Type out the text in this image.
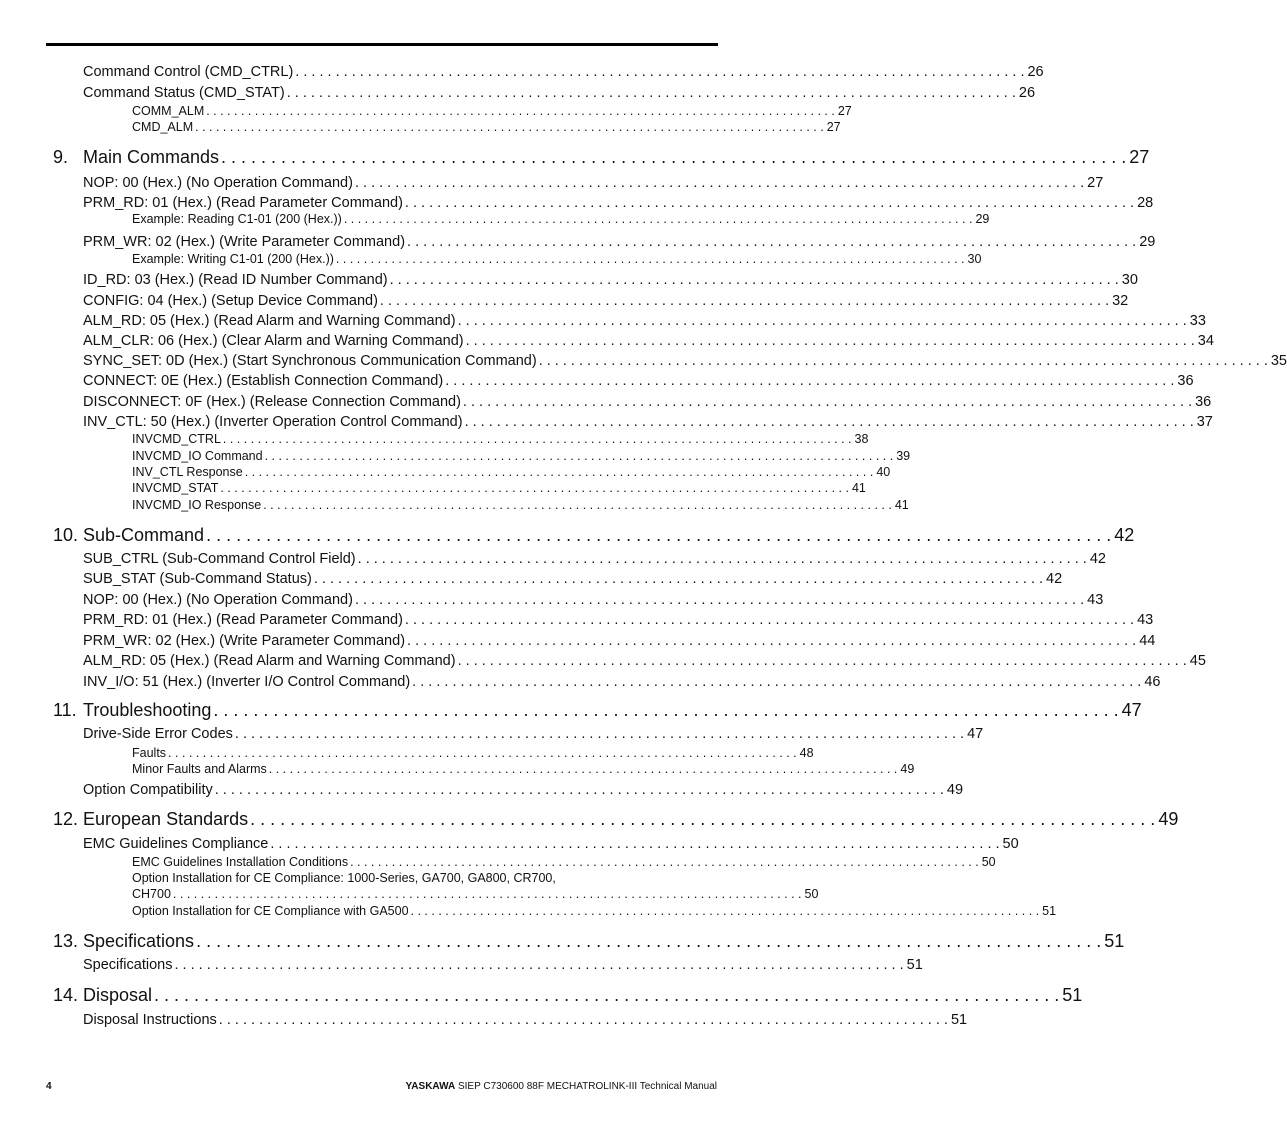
Command Control (CMD_CTRL) . . . . . . . . . . . . . . . . . . . . . . . . . . . . . . . . . . . . . . . . . . . . . . . . . . . . . . . . . . . . . . . . . . . . . . . . . . . . . . . . . . . . . . . . . . . 26
Command Status (CMD_STAT) . . . . . . . . . . . . . . . . . . . . . . . . . . . . . . . . . . . . . . . . . . . . . . . . . . . . . . . . . . . . . . . . . . . . . . . . . . . . . . . . . . . . . . . . . . . 26
COMM_ALM . . . . . . . . . . . . . . . . . . . . . . . . . . . . . . . . . . . . . . . . . . . . . . . . . . . . . . . . . . . . . . . . . . . . . . . . . . . . . . . . . . . . . . . . . . . 27
CMD_ALM . . . . . . . . . . . . . . . . . . . . . . . . . . . . . . . . . . . . . . . . . . . . . . . . . . . . . . . . . . . . . . . . . . . . . . . . . . . . . . . . . . . . . . . . . . . 27
9. Main Commands . . . . . . . . . . . . . . . . . . . . . . . . . . . . . . . . . . . . . . . . . . . . . . . . . . . . . . . . . . . . . . . . . . . . . . . . . . . . . . . . . . . . . . . . . . . 27
NOP: 00 (Hex.) (No Operation Command) . . . . . . . . . . . . . . . . . . . . . . . . . . . . . . . . . . . . . . . . . . . . . . . . . . . . . . . . . . . . . . . . . . . . . . . . . . . . . . . . . . . . . . . . . . . 27
PRM_RD: 01 (Hex.) (Read Parameter Command) . . . . . . . . . . . . . . . . . . . . . . . . . . . . . . . . . . . . . . . . . . . . . . . . . . . . . . . . . . . . . . . . . . . . . . . . . . . . . . . . . . . . . . . . . . . 28
Example: Reading C1-01 (200 (Hex.)) . . . . . . . . . . . . . . . . . . . . . . . . . . . . . . . . . . . . . . . . . . . . . . . . . . . . . . . . . . . . . . . . . . . . . . . . . . . . . . . . . . . . . . . . . . . 29
PRM_WR: 02 (Hex.) (Write Parameter Command) . . . . . . . . . . . . . . . . . . . . . . . . . . . . . . . . . . . . . . . . . . . . . . . . . . . . . . . . . . . . . . . . . . . . . . . . . . . . . . . . . . . . . . . . . . . 29
Example: Writing C1-01 (200 (Hex.)) . . . . . . . . . . . . . . . . . . . . . . . . . . . . . . . . . . . . . . . . . . . . . . . . . . . . . . . . . . . . . . . . . . . . . . . . . . . . . . . . . . . . . . . . . . . 30
ID_RD: 03 (Hex.) (Read ID Number Command) . . . . . . . . . . . . . . . . . . . . . . . . . . . . . . . . . . . . . . . . . . . . . . . . . . . . . . . . . . . . . . . . . . . . . . . . . . . . . . . . . . . . . . . . . . . 30
CONFIG: 04 (Hex.) (Setup Device Command) . . . . . . . . . . . . . . . . . . . . . . . . . . . . . . . . . . . . . . . . . . . . . . . . . . . . . . . . . . . . . . . . . . . . . . . . . . . . . . . . . . . . . . . . . . . 32
ALM_RD: 05 (Hex.) (Read Alarm and Warning Command) . . . . . . . . . . . . . . . . . . . . . . . . . . . . . . . . . . . . . . . . . . . . . . . . . . . . . . . . . . . . . . . . . . . . . . . . . . . . . . . . . . . . . . . . . . . 33
ALM_CLR: 06 (Hex.) (Clear Alarm and Warning Command) . . . . . . . . . . . . . . . . . . . . . . . . . . . . . . . . . . . . . . . . . . . . . . . . . . . . . . . . . . . . . . . . . . . . . . . . . . . . . . . . . . . . . . . . . . . 34
SYNC_SET: 0D (Hex.) (Start Synchronous Communication Command) . . . . . . . . . . . . . . . . . . . . . . . . . . . . . . . . . . . . . . . . . . . . . . . . . . . . . . . . . . . . . . . . . . . . . . . . . . . . . . . . . . . . . . . . . . . 35
CONNECT: 0E (Hex.) (Establish Connection Command) . . . . . . . . . . . . . . . . . . . . . . . . . . . . . . . . . . . . . . . . . . . . . . . . . . . . . . . . . . . . . . . . . . . . . . . . . . . . . . . . . . . . . . . . . . . 36
DISCONNECT: 0F (Hex.) (Release Connection Command) . . . . . . . . . . . . . . . . . . . . . . . . . . . . . . . . . . . . . . . . . . . . . . . . . . . . . . . . . . . . . . . . . . . . . . . . . . . . . . . . . . . . . . . . . . . 36
INV_CTL: 50 (Hex.) (Inverter Operation Control Command) . . . . . . . . . . . . . . . . . . . . . . . . . . . . . . . . . . . . . . . . . . . . . . . . . . . . . . . . . . . . . . . . . . . . . . . . . . . . . . . . . . . . . . . . . . . 37
INVCMD_CTRL . . . . . . . . . . . . . . . . . . . . . . . . . . . . . . . . . . . . . . . . . . . . . . . . . . . . . . . . . . . . . . . . . . . . . . . . . . . . . . . . . . . . . . . . . . . 38
INVCMD_IO Command . . . . . . . . . . . . . . . . . . . . . . . . . . . . . . . . . . . . . . . . . . . . . . . . . . . . . . . . . . . . . . . . . . . . . . . . . . . . . . . . . . . . . . . . . . . 39
INV_CTL Response . . . . . . . . . . . . . . . . . . . . . . . . . . . . . . . . . . . . . . . . . . . . . . . . . . . . . . . . . . . . . . . . . . . . . . . . . . . . . . . . . . . . . . . . . . . 40
INVCMD_STAT . . . . . . . . . . . . . . . . . . . . . . . . . . . . . . . . . . . . . . . . . . . . . . . . . . . . . . . . . . . . . . . . . . . . . . . . . . . . . . . . . . . . . . . . . . . 41
INVCMD_IO Response . . . . . . . . . . . . . . . . . . . . . . . . . . . . . . . . . . . . . . . . . . . . . . . . . . . . . . . . . . . . . . . . . . . . . . . . . . . . . . . . . . . . . . . . . . . 41
10. Sub-Command . . . . . . . . . . . . . . . . . . . . . . . . . . . . . . . . . . . . . . . . . . . . . . . . . . . . . . . . . . . . . . . . . . . . . . . . . . . . . . . . . . . . . . . . . . . 42
SUB_CTRL (Sub-Command Control Field) . . . . . . . . . . . . . . . . . . . . . . . . . . . . . . . . . . . . . . . . . . . . . . . . . . . . . . . . . . . . . . . . . . . . . . . . . . . . . . . . . . . . . . . . . . . 42
SUB_STAT (Sub-Command Status) . . . . . . . . . . . . . . . . . . . . . . . . . . . . . . . . . . . . . . . . . . . . . . . . . . . . . . . . . . . . . . . . . . . . . . . . . . . . . . . . . . . . . . . . . . . 42
NOP: 00 (Hex.) (No Operation Command) . . . . . . . . . . . . . . . . . . . . . . . . . . . . . . . . . . . . . . . . . . . . . . . . . . . . . . . . . . . . . . . . . . . . . . . . . . . . . . . . . . . . . . . . . . . 43
PRM_RD: 01 (Hex.) (Read Parameter Command) . . . . . . . . . . . . . . . . . . . . . . . . . . . . . . . . . . . . . . . . . . . . . . . . . . . . . . . . . . . . . . . . . . . . . . . . . . . . . . . . . . . . . . . . . . . 43
PRM_WR: 02 (Hex.) (Write Parameter Command) . . . . . . . . . . . . . . . . . . . . . . . . . . . . . . . . . . . . . . . . . . . . . . . . . . . . . . . . . . . . . . . . . . . . . . . . . . . . . . . . . . . . . . . . . . . 44
ALM_RD: 05 (Hex.) (Read Alarm and Warning Command) . . . . . . . . . . . . . . . . . . . . . . . . . . . . . . . . . . . . . . . . . . . . . . . . . . . . . . . . . . . . . . . . . . . . . . . . . . . . . . . . . . . . . . . . . . . 45
INV_I/O: 51 (Hex.) (Inverter I/O Control Command) . . . . . . . . . . . . . . . . . . . . . . . . . . . . . . . . . . . . . . . . . . . . . . . . . . . . . . . . . . . . . . . . . . . . . . . . . . . . . . . . . . . . . . . . . . . 46
11. Troubleshooting . . . . . . . . . . . . . . . . . . . . . . . . . . . . . . . . . . . . . . . . . . . . . . . . . . . . . . . . . . . . . . . . . . . . . . . . . . . . . . . . . . . . . . . . . . . 47
Drive-Side Error Codes . . . . . . . . . . . . . . . . . . . . . . . . . . . . . . . . . . . . . . . . . . . . . . . . . . . . . . . . . . . . . . . . . . . . . . . . . . . . . . . . . . . . . . . . . . . 47
Faults . . . . . . . . . . . . . . . . . . . . . . . . . . . . . . . . . . . . . . . . . . . . . . . . . . . . . . . . . . . . . . . . . . . . . . . . . . . . . . . . . . . . . . . . . . . 48
Minor Faults and Alarms . . . . . . . . . . . . . . . . . . . . . . . . . . . . . . . . . . . . . . . . . . . . . . . . . . . . . . . . . . . . . . . . . . . . . . . . . . . . . . . . . . . . . . . . . . . 49
Option Compatibility . . . . . . . . . . . . . . . . . . . . . . . . . . . . . . . . . . . . . . . . . . . . . . . . . . . . . . . . . . . . . . . . . . . . . . . . . . . . . . . . . . . . . . . . . . . 49
12. European Standards . . . . . . . . . . . . . . . . . . . . . . . . . . . . . . . . . . . . . . . . . . . . . . . . . . . . . . . . . . . . . . . . . . . . . . . . . . . . . . . . . . . . . . . . . . . 49
EMC Guidelines Compliance . . . . . . . . . . . . . . . . . . . . . . . . . . . . . . . . . . . . . . . . . . . . . . . . . . . . . . . . . . . . . . . . . . . . . . . . . . . . . . . . . . . . . . . . . . . 50
EMC Guidelines Installation Conditions . . . . . . . . . . . . . . . . . . . . . . . . . . . . . . . . . . . . . . . . . . . . . . . . . . . . . . . . . . . . . . . . . . . . . . . . . . . . . . . . . . . . . . . . . . . 50
Option Installation for CE Compliance: 1000-Series, GA700, GA800, CR700,
CH700 . . . . . . . . . . . . . . . . . . . . . . . . . . . . . . . . . . . . . . . . . . . . . . . . . . . . . . . . . . . . . . . . . . . . . . . . . . . . . . . . . . . . . . . . . . . 50
Option Installation for CE Compliance with GA500 . . . . . . . . . . . . . . . . . . . . . . . . . . . . . . . . . . . . . . . . . . . . . . . . . . . . . . . . . . . . . . . . . . . . . . . . . . . . . . . . . . . . . . . . . . . 51
13. Specifications . . . . . . . . . . . . . . . . . . . . . . . . . . . . . . . . . . . . . . . . . . . . . . . . . . . . . . . . . . . . . . . . . . . . . . . . . . . . . . . . . . . . . . . . . . . 51
Specifications . . . . . . . . . . . . . . . . . . . . . . . . . . . . . . . . . . . . . . . . . . . . . . . . . . . . . . . . . . . . . . . . . . . . . . . . . . . . . . . . . . . . . . . . . . . 51
14. Disposal . . . . . . . . . . . . . . . . . . . . . . . . . . . . . . . . . . . . . . . . . . . . . . . . . . . . . . . . . . . . . . . . . . . . . . . . . . . . . . . . . . . . . . . . . . . 51
Disposal Instructions . . . . . . . . . . . . . . . . . . . . . . . . . . . . . . . . . . . . . . . . . . . . . . . . . . . . . . . . . . . . . . . . . . . . . . . . . . . . . . . . . . . . . . . . . . . 51
4	YASKAWA SIEP C730600 88F MECHATROLINK-III Technical Manual
